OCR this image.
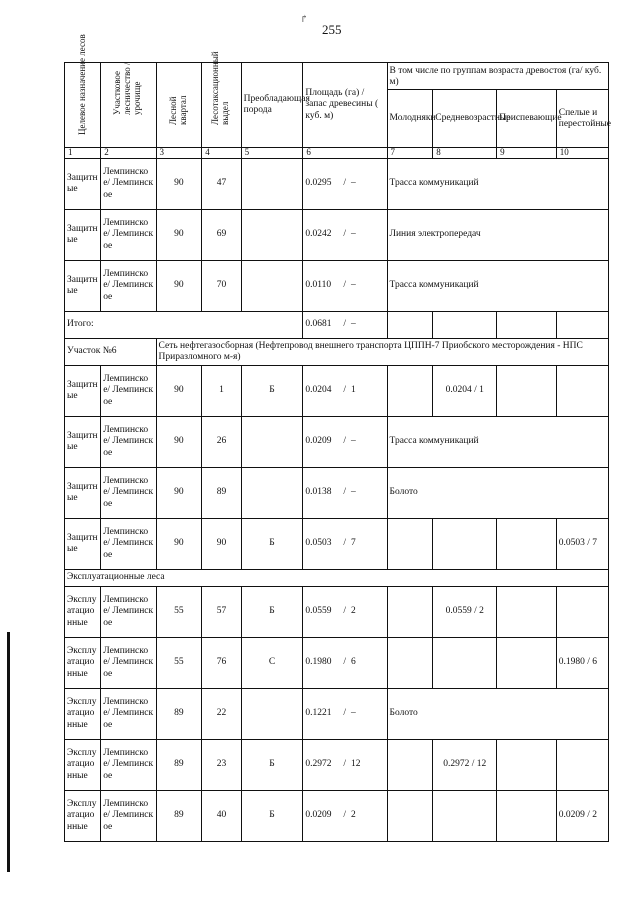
↱
255
Целевое назначение лесов	Участковое лесничество / урочище	Лесной квартал	Лесотаксационный выдел	Преобладающая порода	Площадь (га) / запас древесины ( куб. м)	В том числе по группам возраста древостоя (га/ куб. м)			
						Молодняки	Средневозрастные	Приспевающие	Спелые и перестойные
1	2	3	4	5	6	7	8	9	10
Защитные	Лемпинское/ Лемпинское	90	47		0.0295 / –	Трасса коммуникаций			
Защитные	Лемпинское/ Лемпинское	90	69		0.0242 / –	Линия электропередач			
Защитные	Лемпинское/ Лемпинское	90	70		0.0110 / –	Трасса коммуникаций			
Итого:					0.0681 / –				
Участок №6		Сеть нефтегазосборная (Нефтепровод внешнего транспорта ЦППН-7 Приобского месторождения - НПС Приразломного м-я)							
Защитные	Лемпинское/ Лемпинское	90	1	Б	0.0204 / 1		0.0204 / 1		
Защитные	Лемпинское/ Лемпинское	90	26		0.0209 / –	Трасса коммуникаций			
Защитные	Лемпинское/ Лемпинское	90	89		0.0138 / –	Болото			
Защитные	Лемпинское/ Лемпинское	90	90	Б	0.0503 / 7				0.0503 / 7
Эксплуатационные леса									
Эксплуатационные	Лемпинское/ Лемпинское	55	57	Б	0.0559 / 2		0.0559 / 2		
Эксплуатационные	Лемпинское/ Лемпинское	55	76	С	0.1980 / 6				0.1980 / 6
Эксплуатационные	Лемпинское/ Лемпинское	89	22		0.1221 / –	Болото			
Эксплуатационные	Лемпинское/ Лемпинское	89	23	Б	0.2972 / 12		0.2972 / 12		
Эксплуатационные	Лемпинское/ Лемпинское	89	40	Б	0.0209 / 2				0.0209 / 2
